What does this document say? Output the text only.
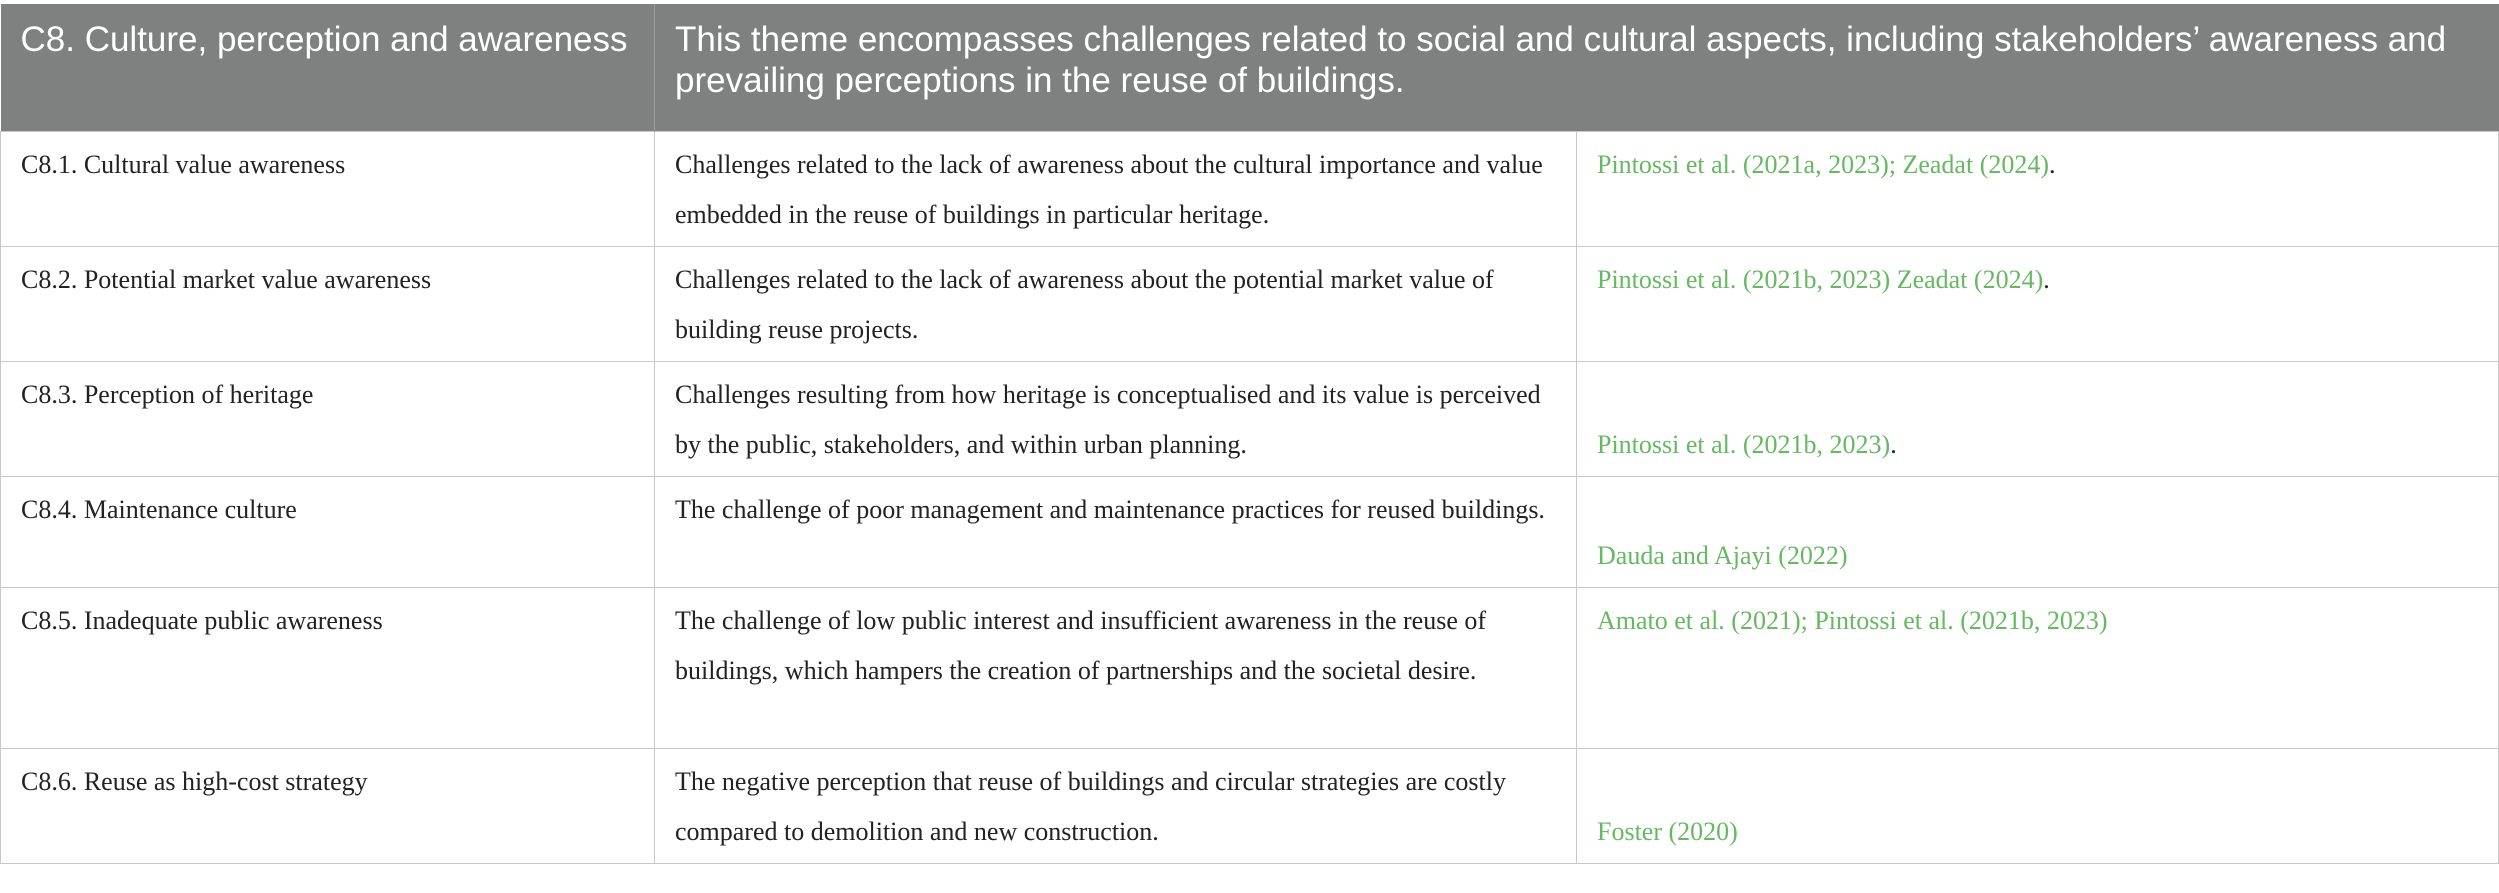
C8. Culture, perception and awareness	This theme encompasses challenges related to social and cultural aspects, including stakeholders’ awareness and prevailing perceptions in the reuse of buildings.	
C8.1. Cultural value awareness	Challenges related to the lack of awareness about the cultural importance and value embedded in the reuse of buildings in particular heritage.	Pintossi et al. (2021a, 2023); Zeadat (2024).
C8.2. Potential market value awareness	Challenges related to the lack of awareness about the potential market value of building reuse projects.	Pintossi et al. (2021b, 2023) Zeadat (2024).
C8.3. Perception of heritage	Challenges resulting from how heritage is conceptualised and its value is perceived by the public, stakeholders, and within urban planning.	Pintossi et al. (2021b, 2023).
C8.4. Maintenance culture	The challenge of poor management and maintenance practices for reused buildings.	Dauda and Ajayi (2022)
C8.5. Inadequate public awareness	The challenge of low public interest and insufficient awareness in the reuse of buildings, which hampers the creation of partnerships and the societal desire.	Amato et al. (2021); Pintossi et al. (2021b, 2023)
C8.6. Reuse as high-cost strategy	The negative perception that reuse of buildings and circular strategies are costly compared to demolition and new construction.	Foster (2020)
